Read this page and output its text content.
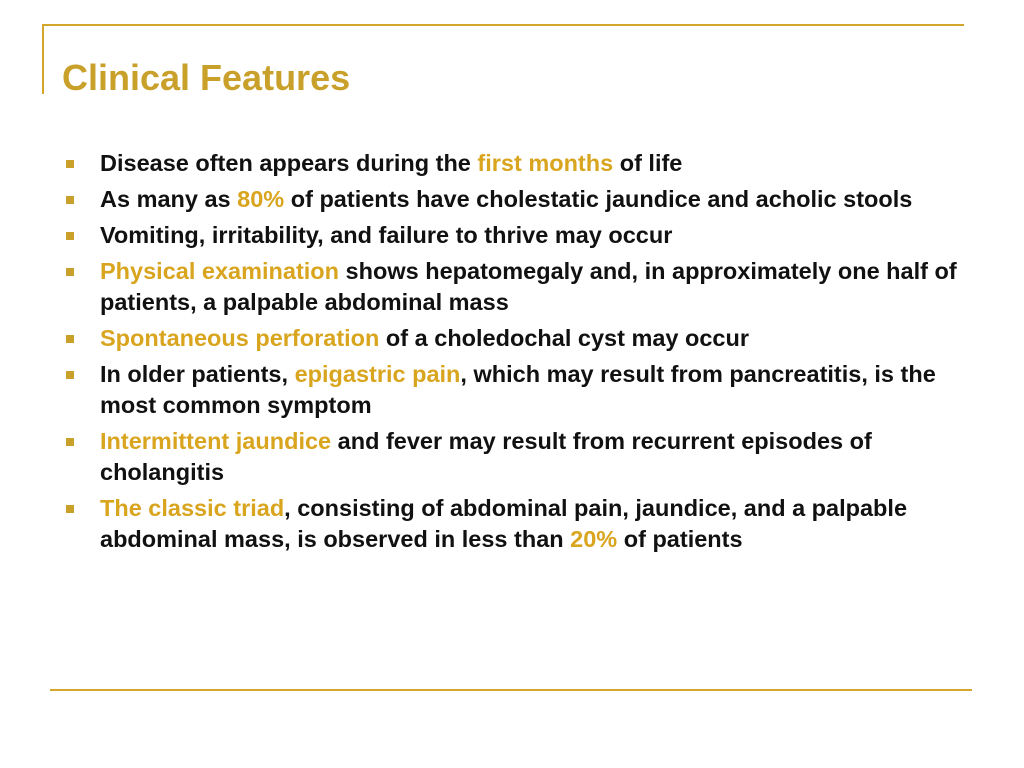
Clinical Features
Disease often appears during the first months of life
As many as 80% of patients have cholestatic jaundice and acholic stools
Vomiting, irritability, and failure to thrive may occur
Physical examination shows hepatomegaly and, in approximately one half of patients, a palpable abdominal mass
Spontaneous perforation of a choledochal cyst may occur
In older patients, epigastric pain, which may result from pancreatitis, is the most common symptom
Intermittent jaundice and fever may result from recurrent episodes of cholangitis
The classic triad, consisting of abdominal pain, jaundice, and a palpable abdominal mass, is observed in less than 20% of patients
